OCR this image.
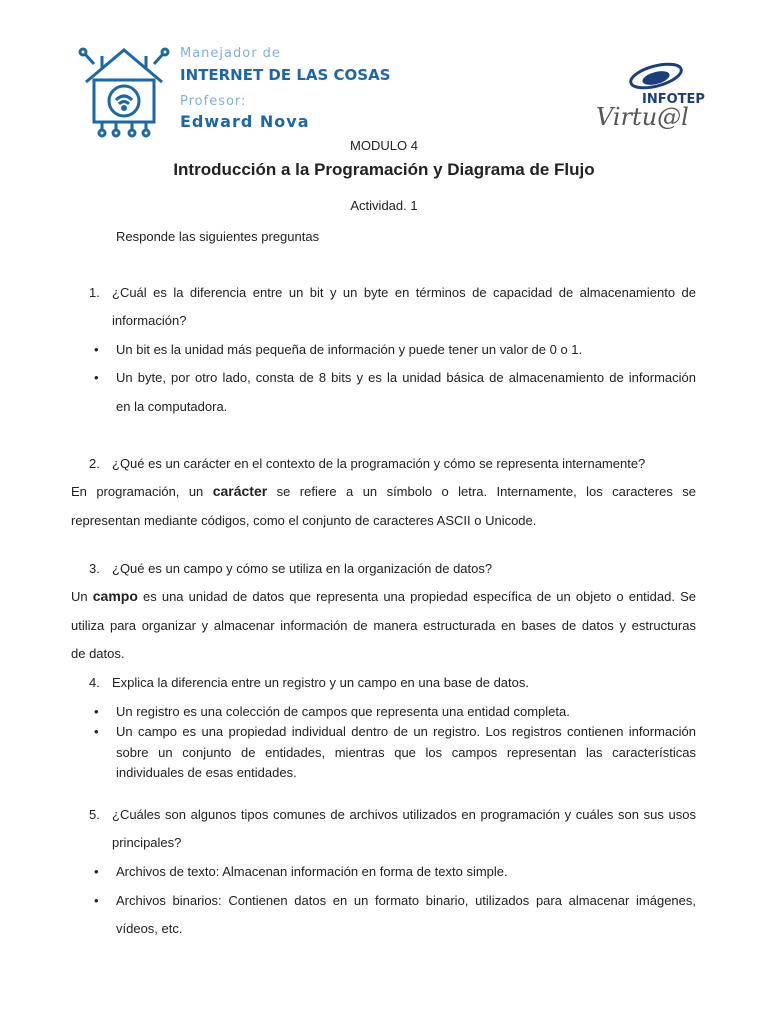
Manejador de
INTERNET DE LAS COSAS
Profesor:
Edward Nova
INFOTEP
Virtu@l
MODULO 4
Introducción a la Programación y Diagrama de Flujo
Actividad. 1
Responde las siguientes preguntas
1. ¿Cuál es la diferencia entre un bit y un byte en términos de capacidad de almacenamiento de
información?
• Un bit es la unidad más pequeña de información y puede tener un valor de 0 o 1.
• Un byte, por otro lado, consta de 8 bits y es la unidad básica de almacenamiento de información
en la computadora.
2. ¿Qué es un carácter en el contexto de la programación y cómo se representa internamente?
En programación, un carácter se refiere a un símbolo o letra. Internamente, los caracteres se
representan mediante códigos, como el conjunto de caracteres ASCII o Unicode.
3. ¿Qué es un campo y cómo se utiliza en la organización de datos?
Un campo es una unidad de datos que representa una propiedad específica de un objeto o entidad. Se
utiliza para organizar y almacenar información de manera estructurada en bases de datos y estructuras
de datos.
4. Explica la diferencia entre un registro y un campo en una base de datos.
• Un registro es una colección de campos que representa una entidad completa.
• Un campo es una propiedad individual dentro de un registro. Los registros contienen información
sobre un conjunto de entidades, mientras que los campos representan las características
individuales de esas entidades.
5. ¿Cuáles son algunos tipos comunes de archivos utilizados en programación y cuáles son sus usos
principales?
• Archivos de texto: Almacenan información en forma de texto simple.
• Archivos binarios: Contienen datos en un formato binario, utilizados para almacenar imágenes,
vídeos, etc.
